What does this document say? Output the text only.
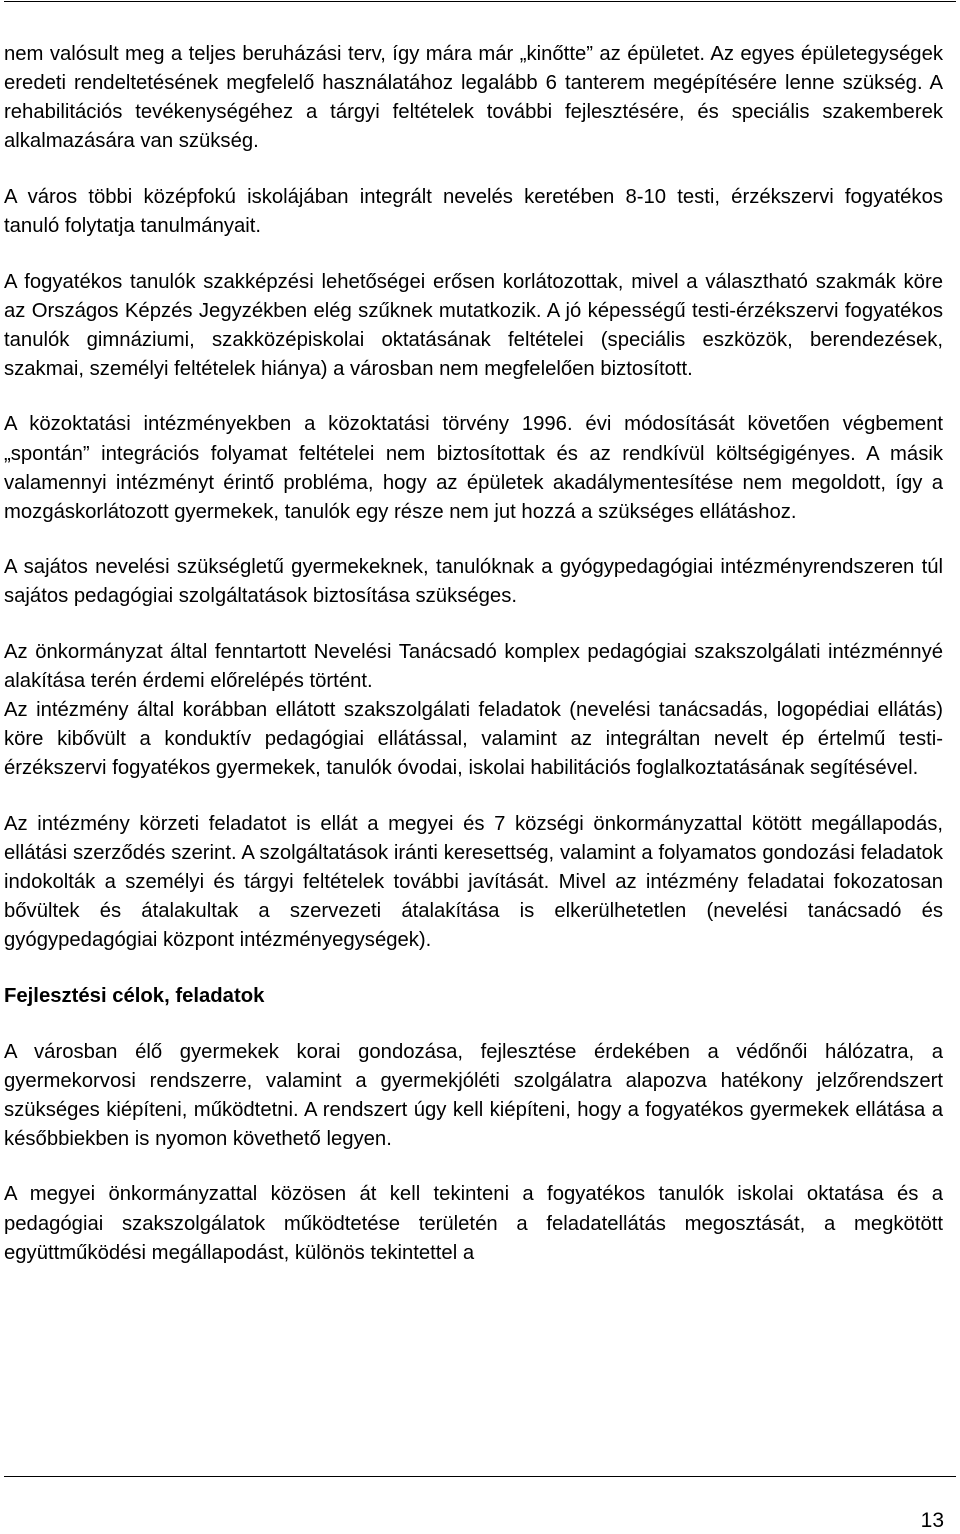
nem valósult meg a teljes beruházási terv, így mára már „kinőtte” az épületet. Az egyes épületegységek eredeti rendeltetésének megfelelő használatához legalább 6 tanterem megépítésére lenne szükség. A rehabilitációs tevékenységéhez a tárgyi feltételek további fejlesztésére, és speciális szakemberek alkalmazására van szükség.

A város többi középfokú iskolájában integrált nevelés keretében 8-10 testi, érzékszervi fogyatékos tanuló folytatja tanulmányait.

A fogyatékos tanulók szakképzési lehetőségei erősen korlátozottak, mivel a választható szakmák köre az Országos Képzés Jegyzékben elég szűknek mutatkozik. A jó képességű testi-érzékszervi fogyatékos tanulók gimnáziumi, szakközépiskolai oktatásának feltételei (speciális eszközök, berendezések, szakmai, személyi feltételek hiánya) a városban nem megfelelően biztosított.

A közoktatási intézményekben a közoktatási törvény 1996. évi módosítását követően végbement „spontán” integrációs folyamat feltételei nem biztosítottak és az rendkívül költségigényes. A másik valamennyi intézményt érintő probléma, hogy az épületek akadálymentesítése nem megoldott, így a mozgáskorlátozott gyermekek, tanulók egy része nem jut hozzá a szükséges ellátáshoz.

A sajátos nevelési szükségletű gyermekeknek, tanulóknak a gyógypedagógiai intézményrendszeren túl sajátos pedagógiai szolgáltatások biztosítása szükséges.

Az önkormányzat által fenntartott Nevelési Tanácsadó komplex pedagógiai szakszolgálati intézménnyé alakítása terén érdemi előrelépés történt.

Az intézmény által korábban ellátott szakszolgálati feladatok (nevelési tanácsadás, logopédiai ellátás) köre kibővült a konduktív pedagógiai ellátással, valamint az integráltan nevelt ép értelmű testi- érzékszervi fogyatékos gyermekek, tanulók óvodai, iskolai habilitációs foglalkoztatásának segítésével.

Az intézmény körzeti feladatot is ellát a megyei és 7 községi önkormányzattal kötött megállapodás, ellátási szerződés szerint. A szolgáltatások iránti keresettség, valamint a folyamatos gondozási feladatok indokolták a személyi és tárgyi feltételek további javítását. Mivel az intézmény feladatai fokozatosan bővültek és átalakultak a szervezeti átalakítása is elkerülhetetlen (nevelési tanácsadó és gyógypedagógiai központ intézményegységek).

Fejlesztési célok, feladatok

A városban élő gyermekek korai gondozása, fejlesztése érdekében a védőnői hálózatra, a gyermekorvosi rendszerre, valamint a gyermekjóléti szolgálatra alapozva hatékony jelzőrendszert szükséges kiépíteni, működtetni. A rendszert úgy kell kiépíteni, hogy a fogyatékos gyermekek ellátása a későbbiekben is nyomon követhető legyen.

A megyei önkormányzattal közösen át kell tekinteni a fogyatékos tanulók iskolai oktatása és a pedagógiai szakszolgálatok működtetése területén a feladatellátás megosztását, a megkötött együttműködési megállapodást, különös tekintettel a

13
